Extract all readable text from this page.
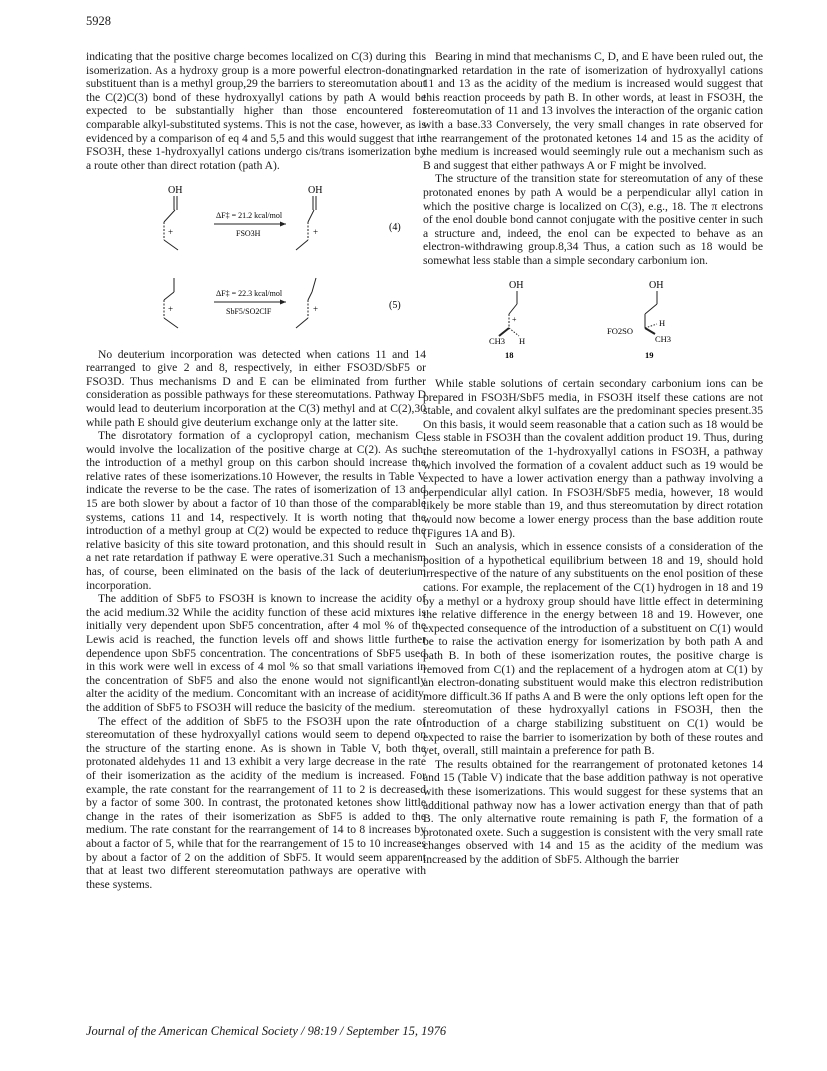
5928

indicating that the positive charge becomes localized on C(3) during this isomerization. As a hydroxy group is a more powerful electron-donating substituent than is a methyl group,29 the barriers to stereomutation about the C(2)C(3) bond of these hydroxyallyl cations by path A would be expected to be substantially higher than those encountered for comparable alkyl-substituted systems. This is not the case, however, as is evidenced by a comparison of eq 4 and 5,5 and this would suggest that in FSO3H, these 1-hydroxyallyl cations undergo cis/trans isomerization by a route other than direct rotation (path A).

OH
+
ΔF‡ = 21.2 kcal/mol
FSO3H
OH
+	(4)
+
ΔF‡ = 22.3 kcal/mol
SbF5/SO2ClF	+	(5)

No deuterium incorporation was detected when cations 11 and 14 rearranged to give 2 and 8, respectively, in either FSO3D/SbF5 or FSO3D. Thus mechanisms D and E can be eliminated from further consideration as possible pathways for these stereomutations. Pathway D would lead to deuterium incorporation at the C(3) methyl and at C(2),30 while path E should give deuterium exchange only at the latter site.

The disrotatory formation of a cyclopropyl cation, mechanism C, would involve the localization of the positive charge at C(2). As such, the introduction of a methyl group on this carbon should increase the relative rates of these isomerizations.10 However, the results in Table V indicate the reverse to be the case. The rates of isomerization of 13 and 15 are both slower by about a factor of 10 than those of the comparable systems, cations 11 and 14, respectively. It is worth noting that the introduction of a methyl group at C(2) would be expected to reduce the relative basicity of this site toward protonation, and this should result in a net rate retardation if pathway E were operative.31 Such a mechanism has, of course, been eliminated on the basis of the lack of deuterium incorporation.

The addition of SbF5 to FSO3H is known to increase the acidity of the acid medium.32 While the acidity function of these acid mixtures is initially very dependent upon SbF5 concentration, after 4 mol % of the Lewis acid is reached, the function levels off and shows little further dependence upon SbF5 concentration. The concentrations of SbF5 used in this work were well in excess of 4 mol % so that small variations in the concentration of SbF5 and also the enone would not significantly alter the acidity of the medium. Concomitant with an increase of acidity, the addition of SbF5 to FSO3H will reduce the basicity of the medium.

The effect of the addition of SbF5 to the FSO3H upon the rate of stereomutation of these hydroxyallyl cations would seem to depend on the structure of the starting enone. As is shown in Table V, both the protonated aldehydes 11 and 13 exhibit a very large decrease in the rate of their isomerization as the acidity of the medium is increased. For example, the rate constant for the rearrangement of 11 to 2 is decreased by a factor of some 300. In contrast, the protonated ketones show little change in the rates of their isomerization as SbF5 is added to the medium. The rate constant for the rearrangement of 14 to 8 increases by about a factor of 5, while that for the rearrangement of 15 to 10 increases by about a factor of 2 on the addition of SbF5. It would seem apparent that at least two different stereomutation pathways are operative with these systems.

Bearing in mind that mechanisms C, D, and E have been ruled out, the marked retardation in the rate of isomerization of hydroxyallyl cations 11 and 13 as the acidity of the medium is increased would suggest that this reaction proceeds by path B. In other words, at least in FSO3H, the stereomutation of 11 and 13 involves the interaction of the organic cation with a base.33 Conversely, the very small changes in rate observed for the rearrangement of the protonated ketones 14 and 15 as the acidity of the medium is increased would seemingly rule out a mechanism such as B and suggest that either pathways A or F might be involved.

The structure of the transition state for stereomutation of any of these protonated enones by path A would be a perpendicular allyl cation in which the positive charge is localized on C(3), e.g., 18. The π electrons of the enol double bond cannot conjugate with the positive center in such a structure and, indeed, the enol can be expected to behave as an electron-withdrawing group.8,34 Thus, a cation such as 18 would be somewhat less stable than a simple secondary carbonium ion.

OH
+
CH3 H
18
OH
FO2SO
H
CH3
19

While stable solutions of certain secondary carbonium ions can be prepared in FSO3H/SbF5 media, in FSO3H itself these cations are not stable, and covalent alkyl sulfates are the predominant species present.35 On this basis, it would seem reasonable that a cation such as 18 would be less stable in FSO3H than the covalent addition product 19. Thus, during the stereomutation of the 1-hydroxyallyl cations in FSO3H, a pathway which involved the formation of a covalent adduct such as 19 would be expected to have a lower activation energy than a pathway involving a perpendicular allyl cation. In FSO3H/SbF5 media, however, 18 would likely be more stable than 19, and thus stereomutation by direct rotation would now become a lower energy process than the base addition route (Figures 1A and B).

Such an analysis, which in essence consists of a consideration of the position of a hypothetical equilibrium between 18 and 19, should hold irrespective of the nature of any substituents on the enol position of these cations. For example, the replacement of the C(1) hydrogen in 18 and 19 by a methyl or a hydroxy group should have little effect in determining the relative difference in the energy between 18 and 19. However, one expected consequence of the introduction of a substituent on C(1) would be to raise the activation energy for isomerization by both path A and path B. In both of these isomerization routes, the positive charge is removed from C(1) and the replacement of a hydrogen atom at C(1) by an electron-donating substituent would make this electron redistribution more difficult.36 If paths A and B were the only options left open for the stereomutation of these hydroxyallyl cations in FSO3H, then the introduction of a charge stabilizing substituent on C(1) would be expected to raise the barrier to isomerization by both of these routes and yet, overall, still maintain a preference for path B.

The results obtained for the rearrangement of protonated ketones 14 and 15 (Table V) indicate that the base addition pathway is not operative with these isomerizations. This would suggest for these systems that an additional pathway now has a lower activation energy than that of path B. The only alternative route remaining is path F, the formation of a protonated oxete. Such a suggestion is consistent with the very small rate changes observed with 14 and 15 as the acidity of the medium was increased by the addition of SbF5. Although the barrier

Journal of the American Chemical Society / 98:19 / September 15, 1976
